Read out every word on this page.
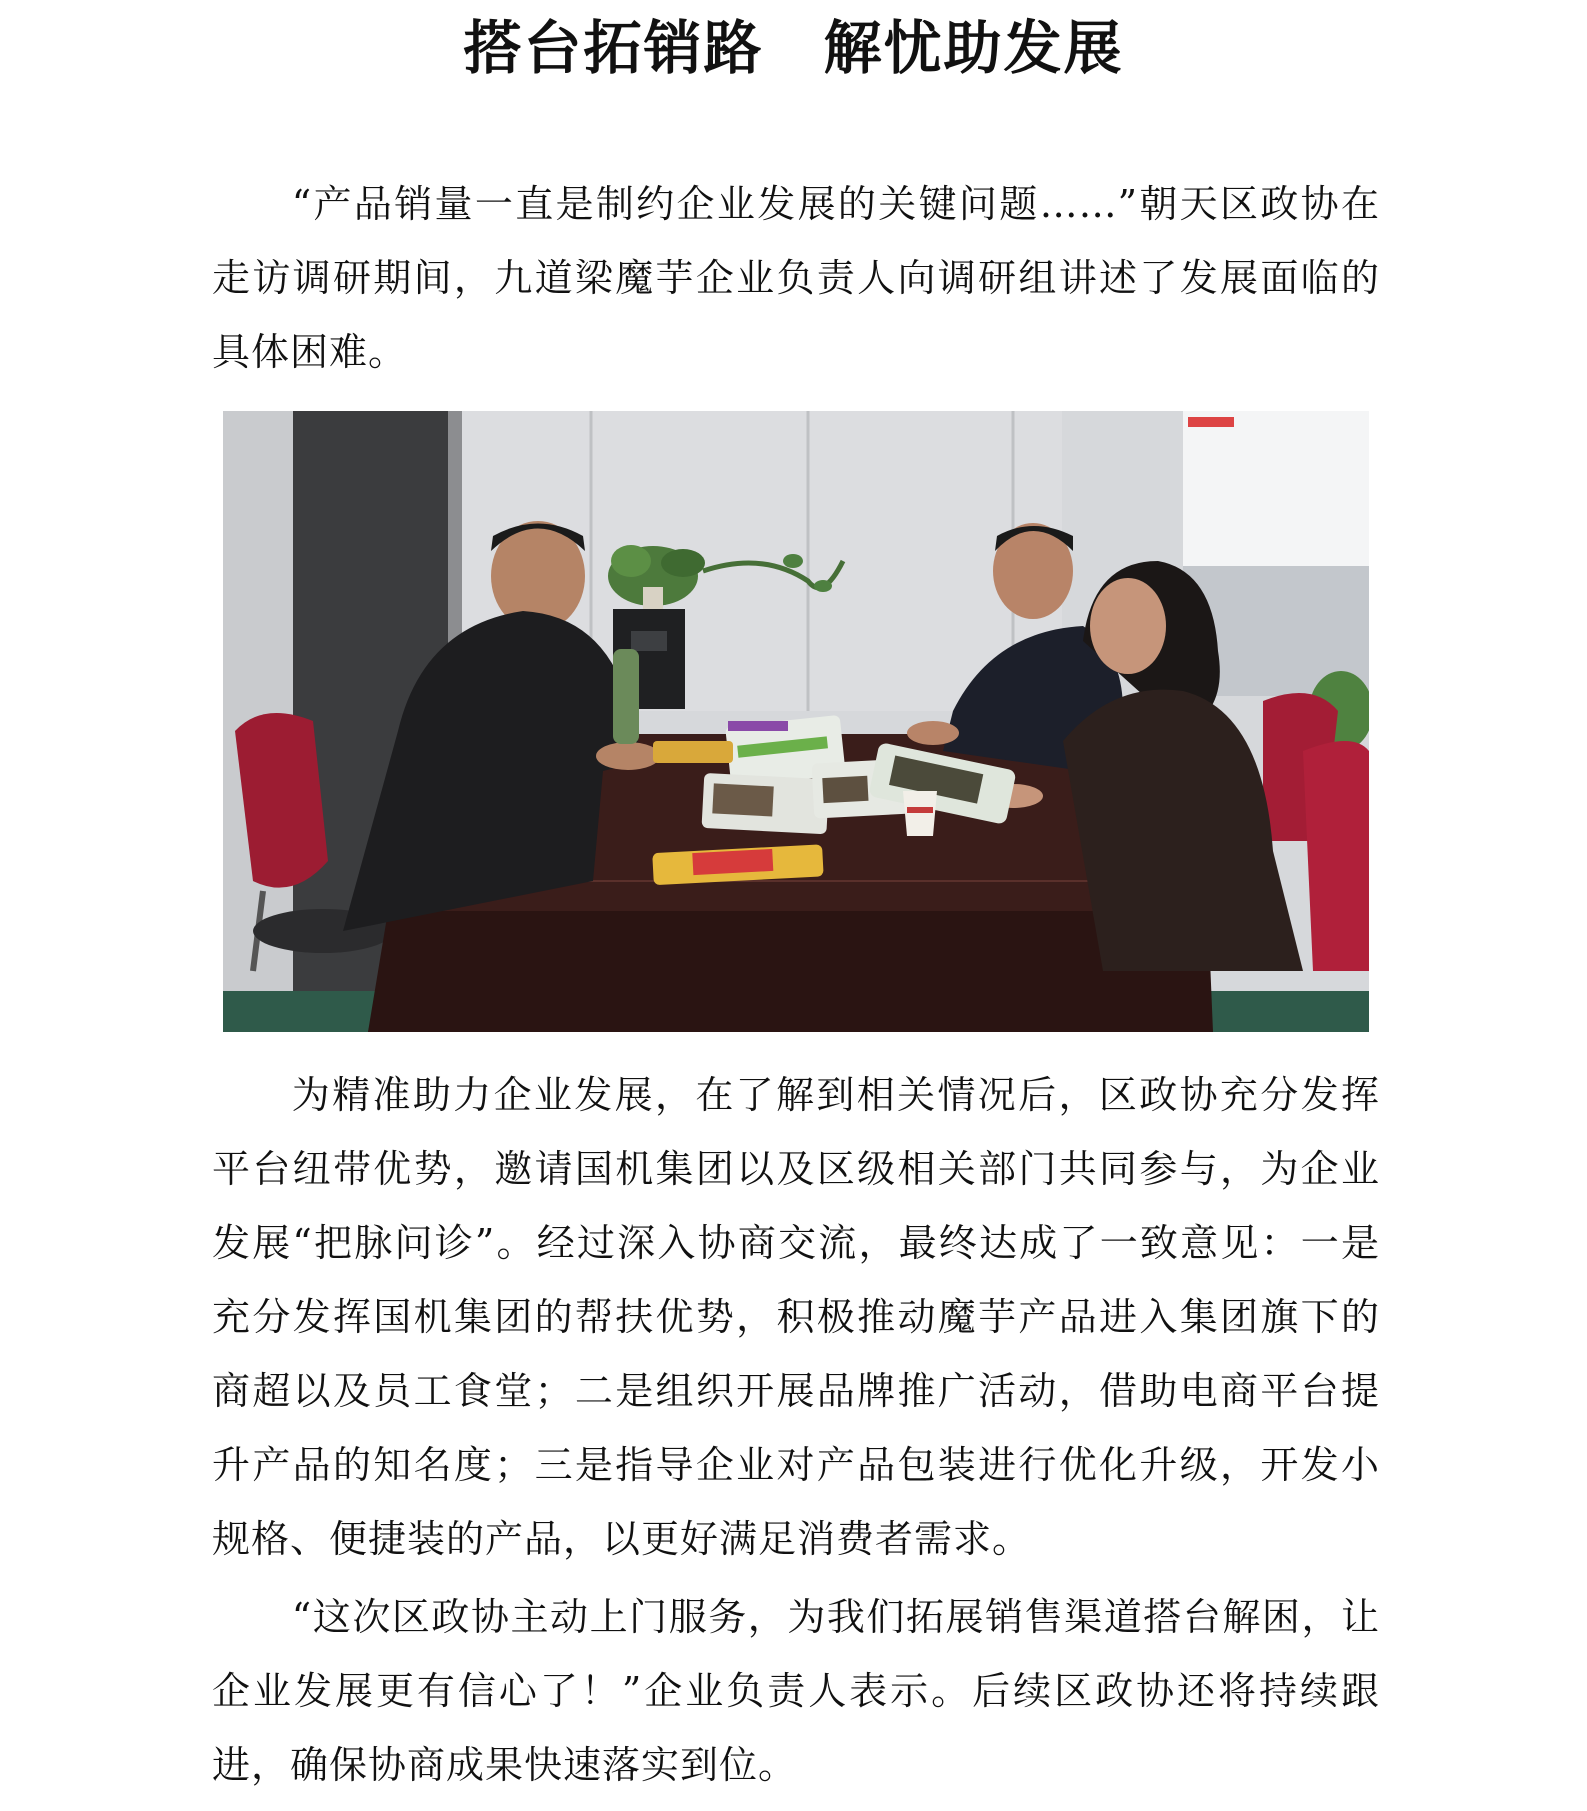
搭台拓销路　解忧助发展

“产品销量一直是制约企业发展的关键问题……”朝天区政协在走访调研期间，九道梁魔芋企业负责人向调研组讲述了发展面临的具体困难。

为精准助力企业发展，在了解到相关情况后，区政协充分发挥平台纽带优势，邀请国机集团以及区级相关部门共同参与，为企业发展“把脉问诊”。经过深入协商交流，最终达成了一致意见：一是充分发挥国机集团的帮扶优势，积极推动魔芋产品进入集团旗下的商超以及员工食堂；二是组织开展品牌推广活动，借助电商平台提升产品的知名度；三是指导企业对产品包装进行优化升级，开发小规格、便捷装的产品，以更好满足消费者需求。

“这次区政协主动上门服务，为我们拓展销售渠道搭台解困，让企业发展更有信心了！”企业负责人表示。后续区政协还将持续跟进，确保协商成果快速落实到位。
